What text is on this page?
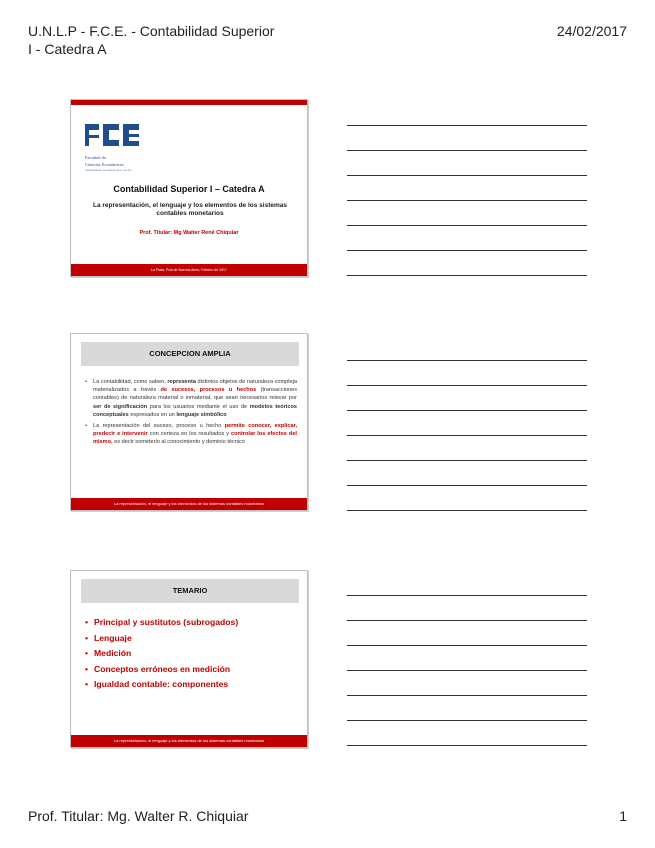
U.N.L.P - F.C.E. - Contabilidad Superior
I - Catedra A
24/02/2017
FCE
Facultad de
Ciencias Económicas
UNIVERSIDAD NACIONAL DE LA PLATA
Contabilidad Superior I – Catedra A
La representación, el lenguaje y los elementos de los sistemas contables monetarios
Prof. Titular: Mg Walter René Chiquiar
La Plata, Pcia de Buenos Aires, Febrero de 2017
CONCEPCION AMPLIA
• La contabilidad, como saben, representa distintos objetos de naturaleza compleja materializados a través de sucesos, procesos u hechos (transacciones contables) de naturaleza material o inmaterial, que sean necesarios relevar por ser de significación para los usuarios mediante el uso de modelos teóricos conceptuales expresados en un lenguaje simbólico
• La representación del suceso, proceso u hecho permite conocer, explicar, predecir e intervenir con certeza en los resultados y controlar los efectos del mismo, es decir someterlo al conocimiento y dominio técnico
La representación, el lenguaje y los elementos de los sistemas contables monetarios
TEMARIO
• Principal y sustitutos (subrogados)
• Lenguaje
• Medición
• Conceptos erróneos en medición
• Igualdad contable: componentes
La representación, el lenguaje y los elementos de los sistemas contables monetarios
Prof. Titular: Mg. Walter R. Chiquiar	1
